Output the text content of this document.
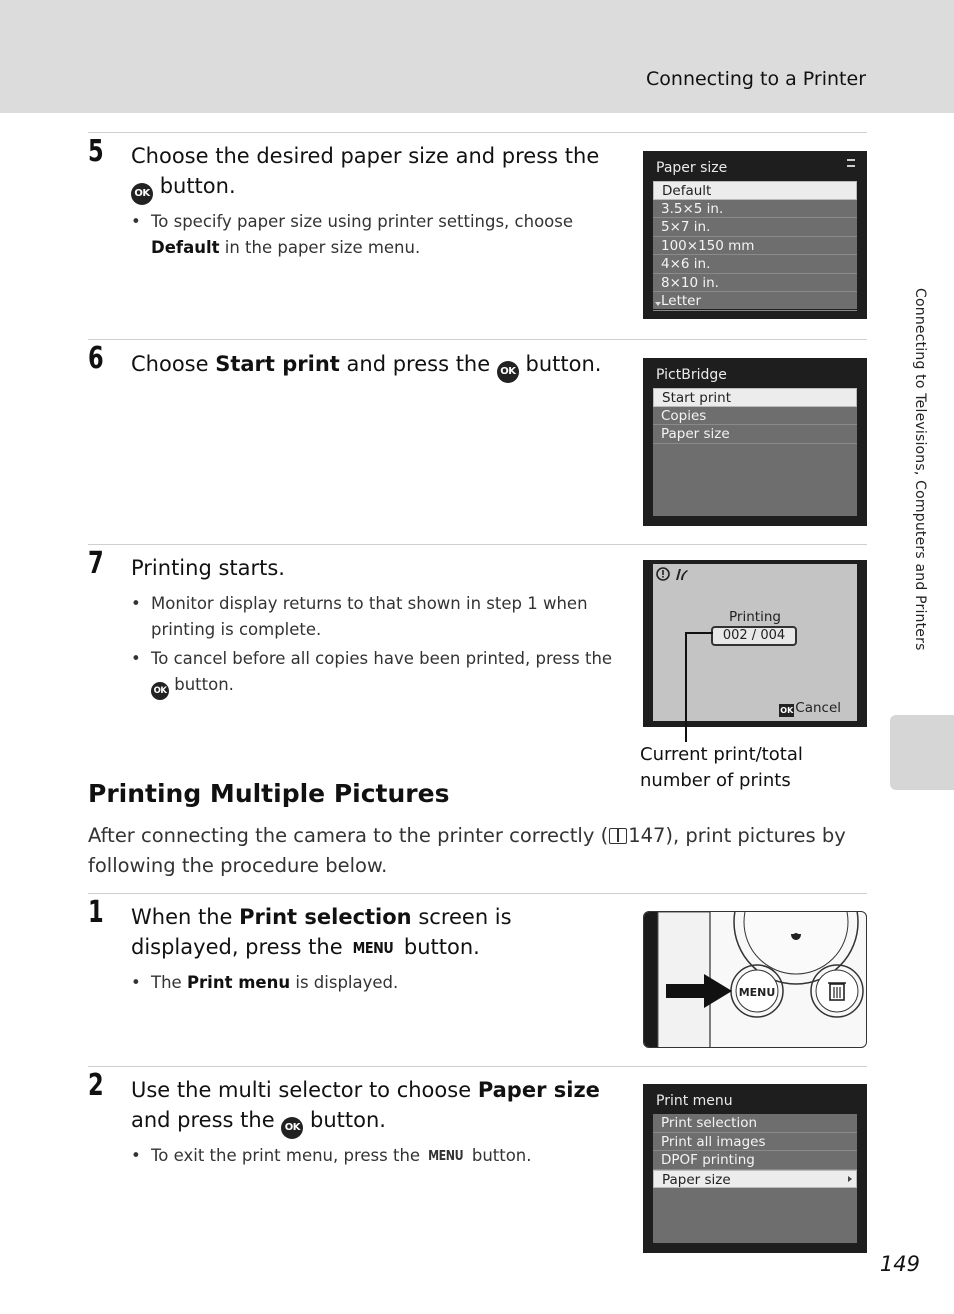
Connecting to a Printer
Connecting to Televisions, Computers and Printers
5 Choose the desired paper size and press the OK button.
• To specify paper size using printer settings, choose Default in the paper size menu.
Paper size
Default
3.5×5 in.
5×7 in.
100×150 mm
4×6 in.
8×10 in.
Letter
6 Choose Start print and press the OK button.	PictBridge
Start print
Copies
Paper size
7 Printing starts.
• Monitor display returns to that shown in step 1 when printing is complete.
• To cancel before all copies have been printed, press the OK button.
Printing
002 / 004
OK Cancel
Current print/total
number of prints
Printing Multiple Pictures
After connecting the camera to the printer correctly ( 147), print pictures by following the procedure below.
1 When the Print selection screen is displayed, press the MENU button.
• The Print menu is displayed.
MENU
2 Use the multi selector to choose Paper size and press the OK button.
• To exit the print menu, press the MENU button.
Print menu
Print selection
Print all images
DPOF printing
Paper size
149
